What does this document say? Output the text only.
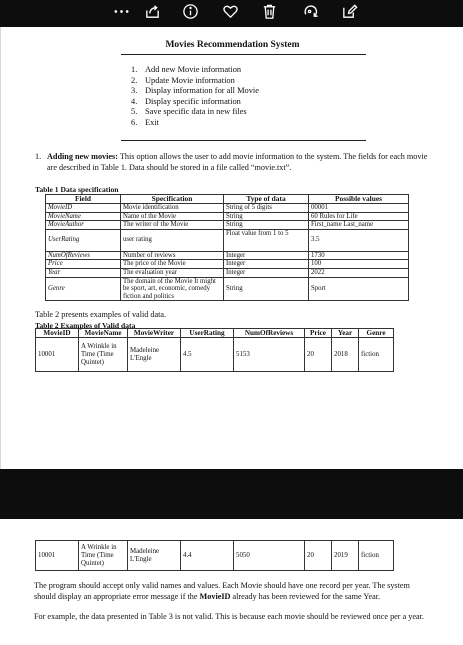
Movies Recommendation System
1. Add new Movie information
2. Update Movie information
3. Display information for all Movie
4. Display specific information
5. Save specific data in new files
6. Exit
1. Adding new movies: This option allows the user to add movie information to the system. The fields for each movie are described in Table 1. Data should be stored in a file called “movie.txt”.
Table 1 Data specification
Field	Specification	Type of data	Possible values
MovieID	Movie identification	String of 5 digits	00001
MovieName	Name of the Movie	String	60 Rules for Life
MovieAuthor	The writer of the Movie	String	First_name Last_name
UserRating	user rating	Float value from 1 to 5	3.5
NumOfReviews	Number of reviews	Integer	1730
Price	The price of the Movie	Integer	100
Year	The evaluation year	Integer	2022
Genre	The domain of the Movie It might be sport, art, economic, comedy fiction and politics	String	Sport
Table 2 presents examples of valid data.
Table 2 Examples of Valid data
MovieID	MovieName	MovieWriter	UserRating	NumOfReviews	Price	Year	Genre
10001	A Wrinkle in Time (Time Quintet)	Madeleine L'Engle	4.5	5153	20	2018	fiction
The program should accept only valid names and values. Each Movie should have one record per year. The system should display an appropriate error message if the MovieID already has been reviewed for the same Year.
For example, the data presented in Table 3 is not valid. This is because each movie should be reviewed once per a year.
10001	A Wrinkle in Time (Time Quintet)	Madeleine L'Engle	4.4	5050	20	2019	fiction
